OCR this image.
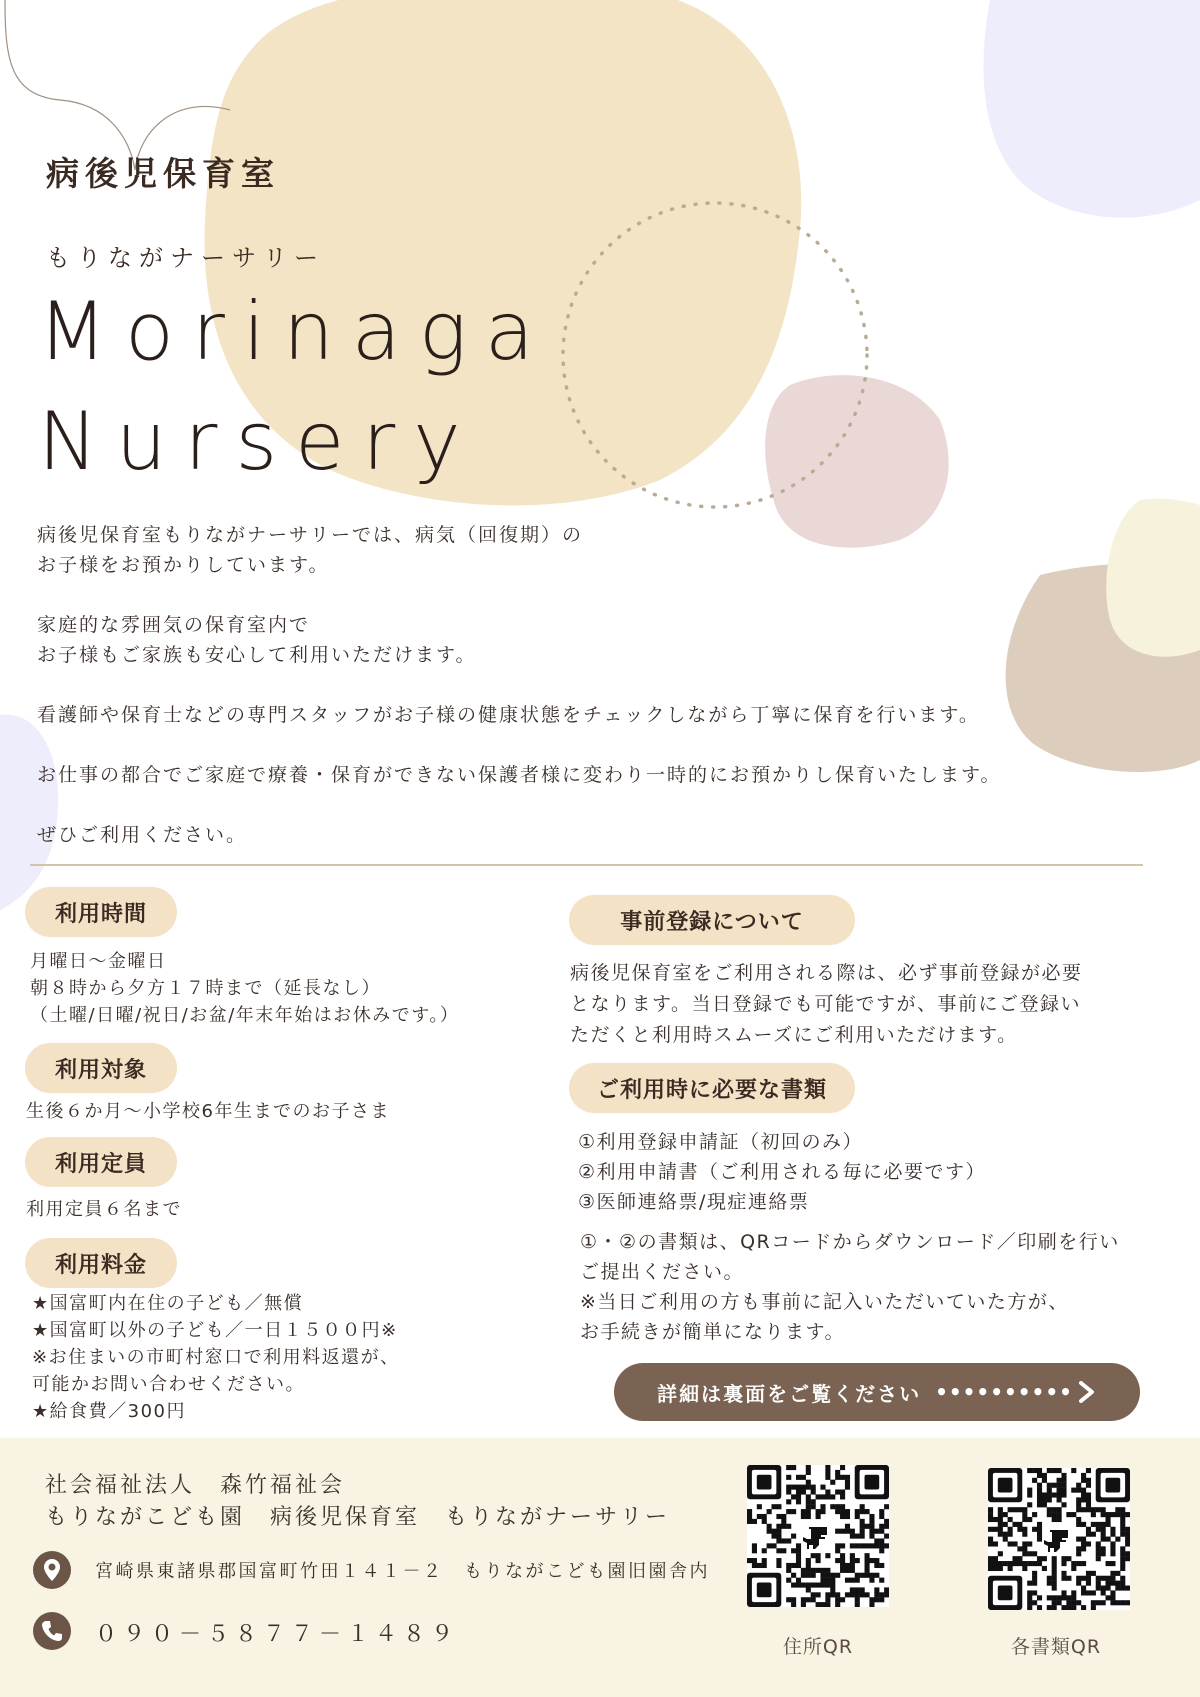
病後児保育室
もりながナーサリー
Morinaga
Nursery

病後児保育室もりながナーサリーでは、病気（回復期）の
お子様をお預かりしています。

家庭的な雰囲気の保育室内で
お子様もご家族も安心して利用いただけます。

看護師や保育士などの専門スタッフがお子様の健康状態をチェックしながら丁寧に保育を行います。

お仕事の都合でご家庭で療養・保育ができない保護者様に変わり一時的にお預かりし保育いたします。

ぜひご利用ください。

利用時間
月曜日～金曜日
朝８時から夕方１７時まで（延長なし）
（土曜/日曜/祝日/お盆/年末年始はお休みです。）
利用対象
生後６か月～小学校6年生までのお子さま
利用定員
利用定員６名まで
利用料金
★国富町内在住の子ども／無償
★国富町以外の子ども／一日１５００円※
※お住まいの市町村窓口で利用料返還が、
可能かお問い合わせください。
★給食費／300円
事前登録について
病後児保育室をご利用される際は、必ず事前登録が必要
となります。当日登録でも可能ですが、事前にご登録い
ただくと利用時スムーズにご利用いただけます。
ご利用時に必要な書類
①利用登録申請証（初回のみ）
②利用申請書（ご利用される毎に必要です）
③医師連絡票/現症連絡票
①・②の書類は、QRコードからダウンロード／印刷を行い
ご提出ください。
※当日ご利用の方も事前に記入いただいていた方が、
お手続きが簡単になります。
詳細は裏面をご覧ください ••••••••••
社会福祉法人　森竹福祉会
もりながこども園　病後児保育室　もりながナーサリー
宮崎県東諸県郡国富町竹田１４１－２　もりながこども園旧園舎内
０９０－５８７７－１４８９	住所QR	各書類QR
